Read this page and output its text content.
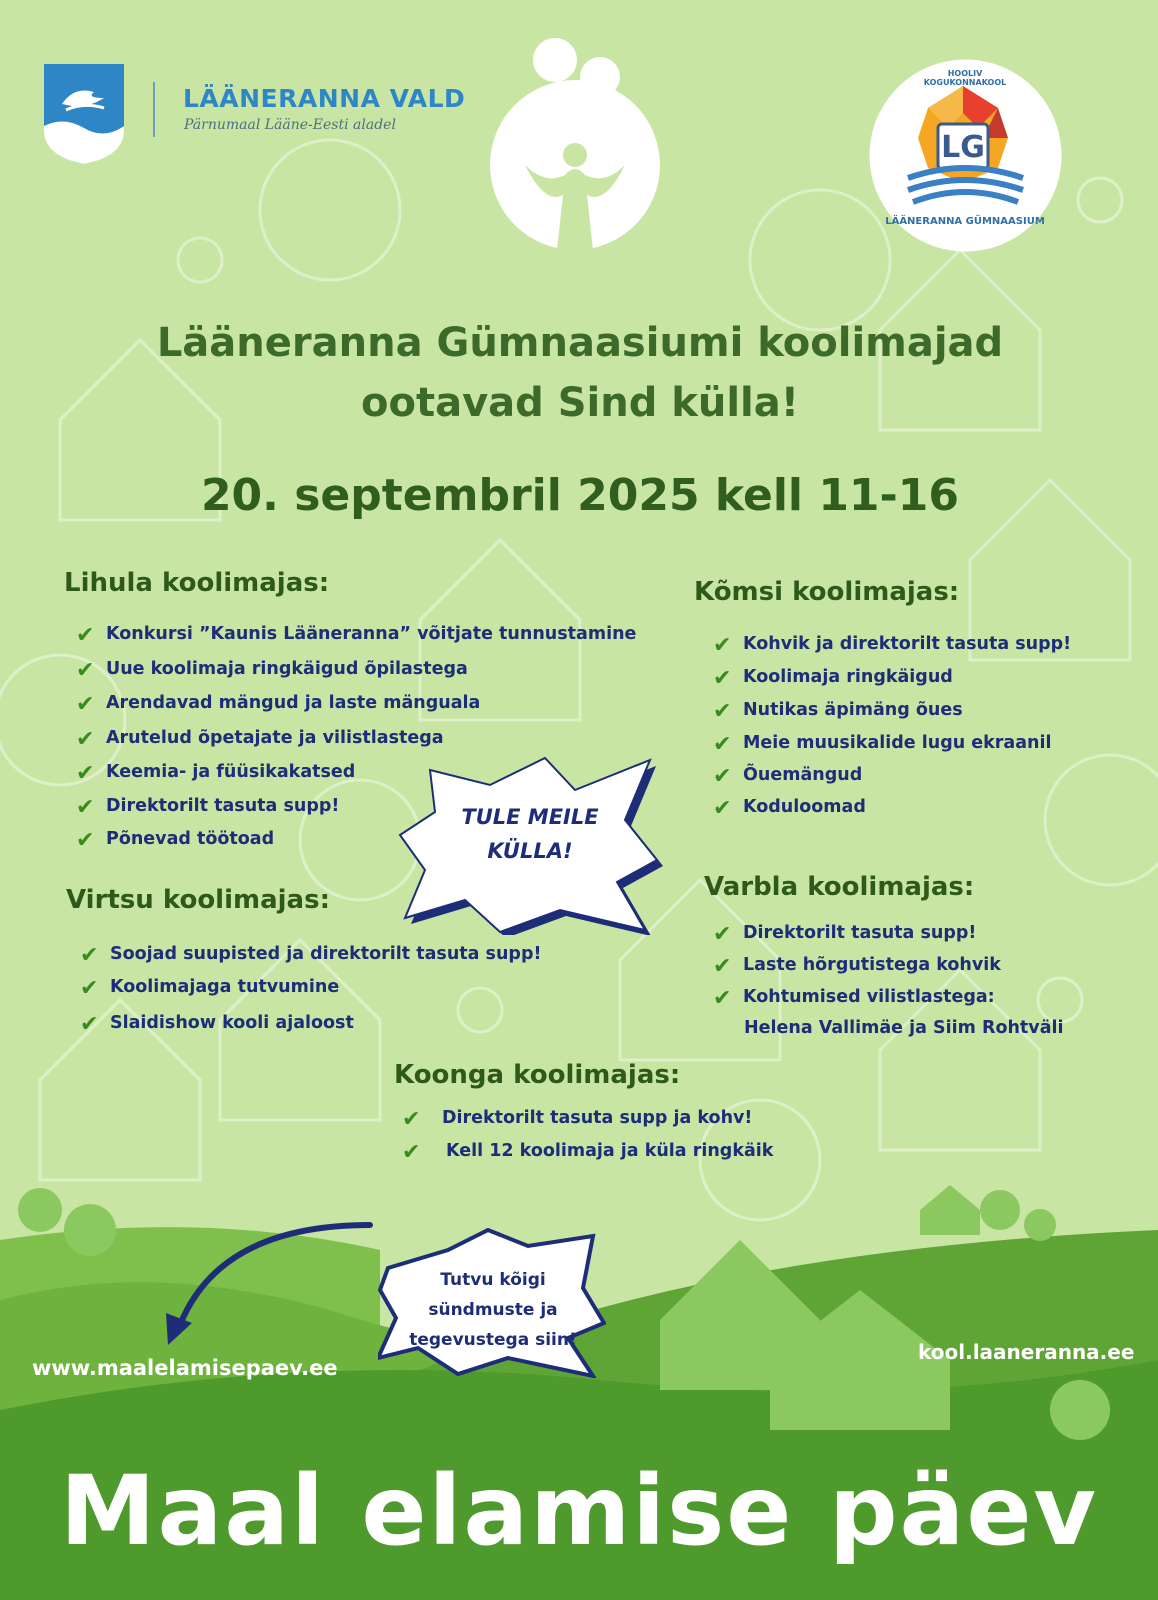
LÄÄNERANNA VALD
Pärnumaal Lääne-Eesti aladel
HOOLIV KOGUKONNAKOOL
LG
LÄÄNERANNA GÜMNAASIUM
Lääneranna Gümnaasiumi koolimajad
ootavad Sind külla!
20. septembril 2025 kell 11-16
Lihula koolimajas:
✔ Konkursi ”Kaunis Lääneranna” võitjate tunnustamine
✔ Uue koolimaja ringkäigud õpilastega
✔ Arendavad mängud ja laste mänguala
✔ Arutelud õpetajate ja vilistlastega
✔ Keemia- ja füüsikakatsed
✔ Direktorilt tasuta supp!
✔ Põnevad töötoad
Virtsu koolimajas:
✔ Soojad suupisted ja direktorilt tasuta supp!
✔ Koolimajaga tutvumine
✔ Slaidishow kooli ajaloost
Kõmsi koolimajas:
✔ Kohvik ja direktorilt tasuta supp!
✔ Koolimaja ringkäigud
✔ Nutikas äpimäng õues
✔ Meie muusikalide lugu ekraanil
✔ Õuemängud
✔ Koduloomad
Varbla koolimajas:
✔ Direktorilt tasuta supp!
✔ Laste hõrgutistega kohvik
✔ Kohtumised vilistlastega:
Helena Vallimäe ja Siim Rohtväli
Koonga koolimajas:
✔ Direktorilt tasuta supp ja kohv!
✔ Kell 12 koolimaja ja küla ringkäik
TULE MEILE
KÜLLA!
Tutvu kõigi
sündmuste ja
tegevustega siin!
www.maalelamisepaev.ee
kool.laaneranna.ee
Maal elamise päev
